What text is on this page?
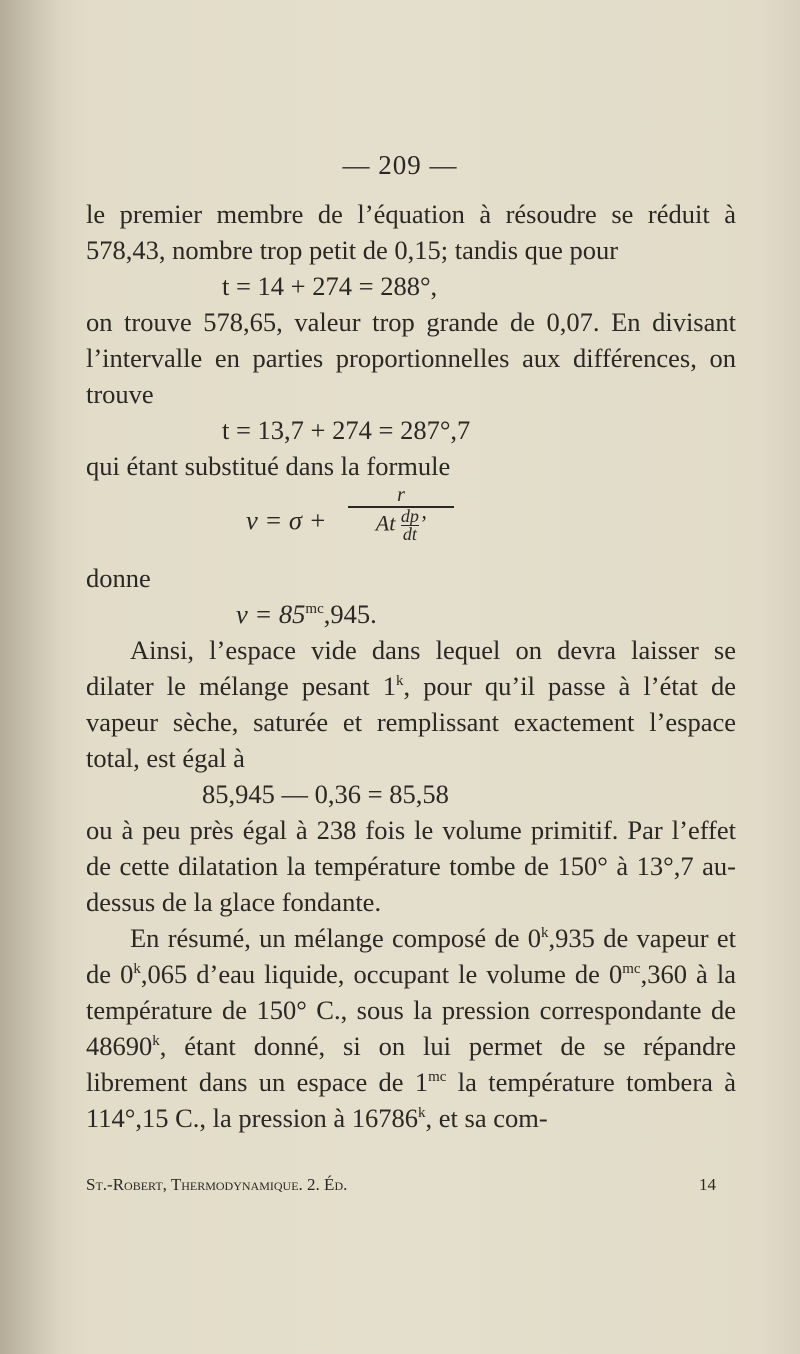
— 209 —

le premier membre de l’équation à résoudre se réduit à 578,43, nombre trop petit de 0,15; tandis que pour

t = 14 + 274 = 288°,

on trouve 578,65, valeur trop grande de 0,07. En divisant l’intervalle en parties proportionnelles aux différences, on trouve

t = 13,7 + 274 = 287°,7

qui étant substitué dans la formule

v = σ +
r
At $\frac{dp}{dt}$’

donne

$v = 85^{mc},945$.

Ainsi, l’espace vide dans lequel on devra laisser se dilater le mélange pesant 1$^k$, pour qu’il passe à l’état de vapeur sèche, saturée et remplissant exactement l’espace total, est égal à

85,945 — 0,36 = 85,58

ou à peu près égal à 238 fois le volume primitif. Par l’effet de cette dilatation la température tombe de 150° à 13°,7 au-dessus de la glace fondante.

En résumé, un mélange composé de 0$^k$,935 de vapeur et de 0$^k$,065 d’eau liquide, occupant le volume de $0^{mc},360$ à la température de 150° C., sous la pression correspondante de 48690$^k$, étant donné, si on lui permet de se répandre librement dans un espace de $1^{mc}$ la température tombera à 114°,15 C., la pression à 16786$^k$, et sa com-

St.-Robert, Thermodynamique. 2. Éd.	14
